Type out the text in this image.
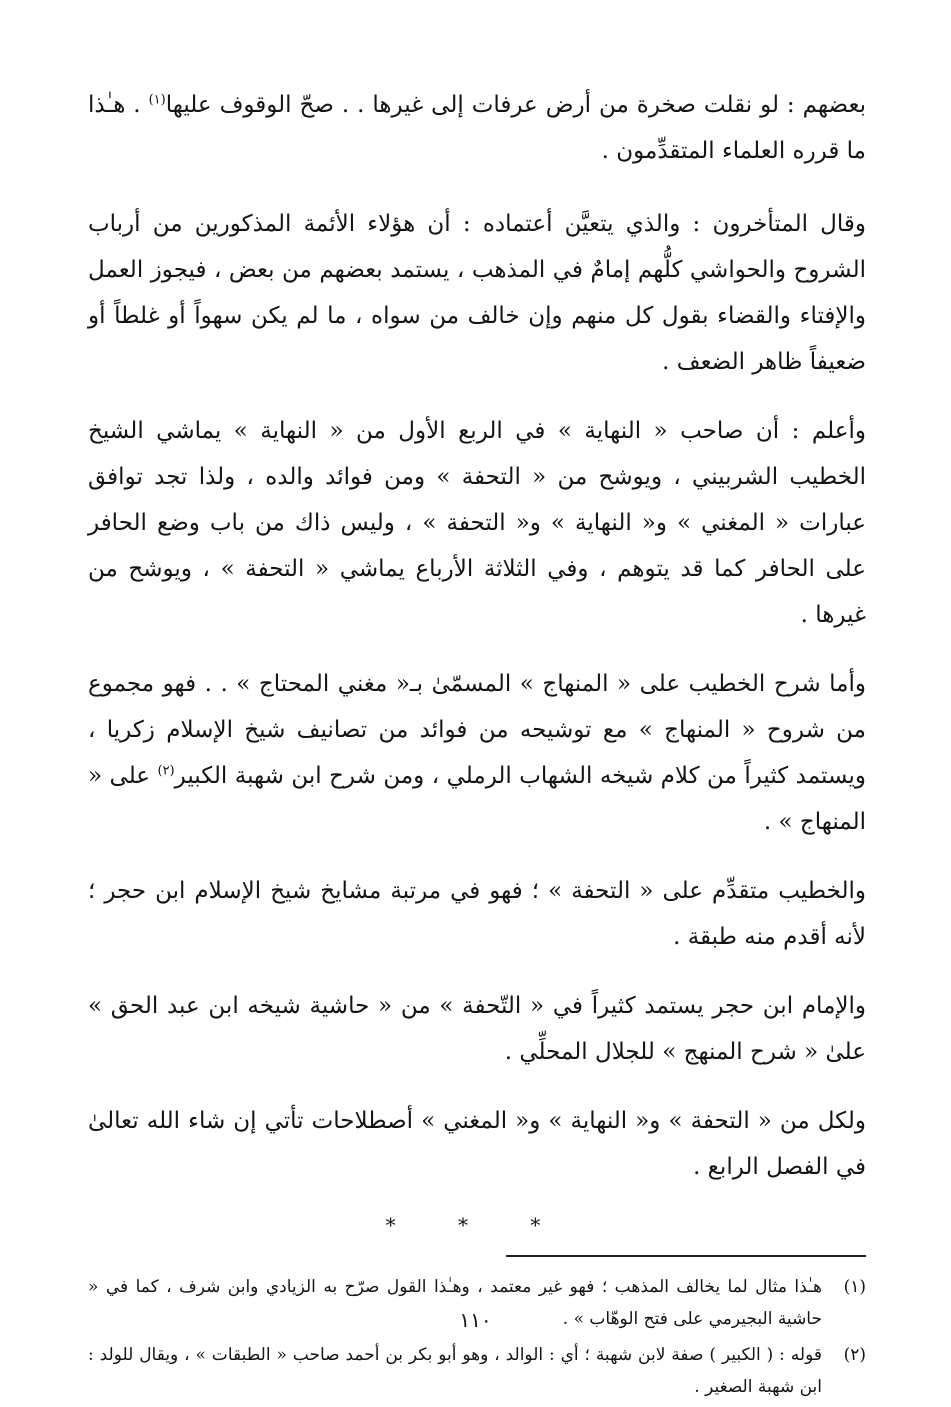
بعضهم : لو نقلت صخرة من أرض عرفات إلى غيرها . . صحّ الوقوف عليها$^{(١)}$ . هـٰذا ما قرره العلماء المتقدِّمون .

وقال المتأخرون : والذي يتعيَّن أعتماده : أن هؤلاء الأئمة المذكورين من أرباب الشروح والحواشي كلُّهم إمامٌ في المذهب ، يستمد بعضهم من بعض ، فيجوز العمل والإفتاء والقضاء بقول كل منهم وإن خالف من سواه ، ما لم يكن سهواً أو غلطاً أو ضعيفاً ظاهر الضعف .

وأعلم : أن صاحب « النهاية » في الربع الأول من « النهاية » يماشي الشيخ الخطيب الشربيني ، ويوشح من « التحفة » ومن فوائد والده ، ولذا تجد توافق عبارات « المغني » و« النهاية » و« التحفة » ، وليس ذاك من باب وضع الحافر على الحافر كما قد يتوهم ، وفي الثلاثة الأرباع يماشي « التحفة » ، ويوشح من غيرها .

وأما شرح الخطيب على « المنهاج » المسمّىٰ بـ« مغني المحتاج » . . فهو مجموع من شروح « المنهاج » مع توشيحه من فوائد من تصانيف شيخ الإسلام زكريا ، ويستمد كثيراً من كلام شيخه الشهاب الرملي ، ومن شرح ابن شهبة الكبير$^{(٢)}$ على « المنهاج » .

والخطيب متقدِّم على « التحفة » ؛ فهو في مرتبة مشايخ شيخ الإسلام ابن حجر ؛ لأنه أقدم منه طبقة .

والإمام ابن حجر يستمد كثيراً في « التّحفة » من « حاشية شيخه ابن عبد الحق » علىٰ « شرح المنهج » للجلال المحلِّي .

ولكل من « التحفة » و« النهاية » و« المغني » أصطلاحات تأتي إن شاء الله تعالىٰ في الفصل الرابع .

* * *
(١)
هـٰذا مثال لما يخالف المذهب ؛ فهو غير معتمد ، وهـٰذا القول صرّح به الزيادي وابن شرف ، كما في « حاشية البجيرمي على فتح الوهّاب » .
(٢)
قوله : ( الكبير ) صفة لابن شهبة ؛ أي : الوالد ، وهو أبو بكر بن أحمد صاحب « الطبقات » ، ويقال للولد : ابن شهبة الصغير .
١١٠
